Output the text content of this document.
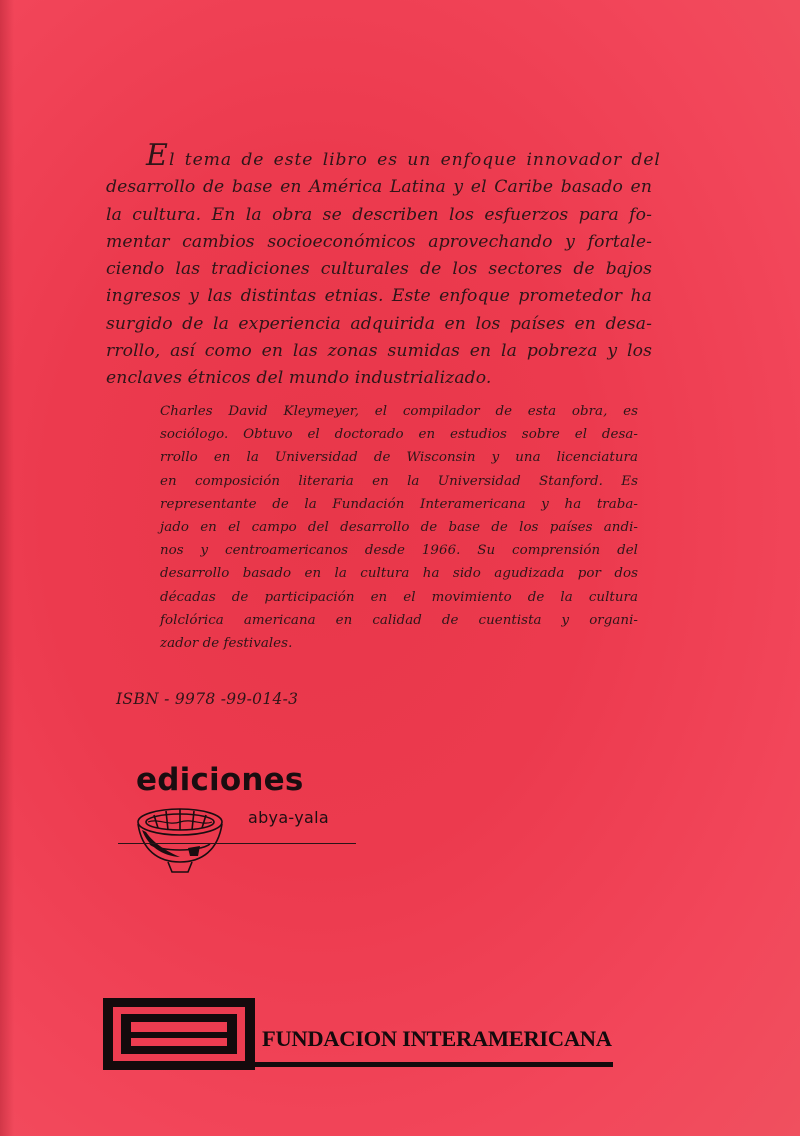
El tema de este libro es un enfoque innovador del
desarrollo de base en América Latina y el Caribe basado en
la cultura. En la obra se describen los esfuerzos para fo-
mentar cambios socioeconómicos aprovechando y fortale-
ciendo las tradiciones culturales de los sectores de bajos
ingresos y las distintas etnias. Este enfoque prometedor ha
surgido de la experiencia adquirida en los países en desa-
rrollo, así como en las zonas sumidas en la pobreza y los
enclaves étnicos del mundo industrializado.
Charles David Kleymeyer, el compilador de esta obra, es
sociólogo. Obtuvo el doctorado en estudios sobre el desa-
rrollo en la Universidad de Wisconsin y una licenciatura
en composición literaria en la Universidad Stanford. Es
representante de la Fundación Interamericana y ha traba-
jado en el campo del desarrollo de base de los países andi-
nos y centroamericanos desde 1966. Su comprensión del
desarrollo basado en la cultura ha sido agudizada por dos
décadas de participación en el movimiento de la cultura
folclórica americana en calidad de cuentista y organi-
zador de festivales.
ISBN - 9978 -99-014-3
ediciones
abya-yala
FUNDACION INTERAMERICANA
